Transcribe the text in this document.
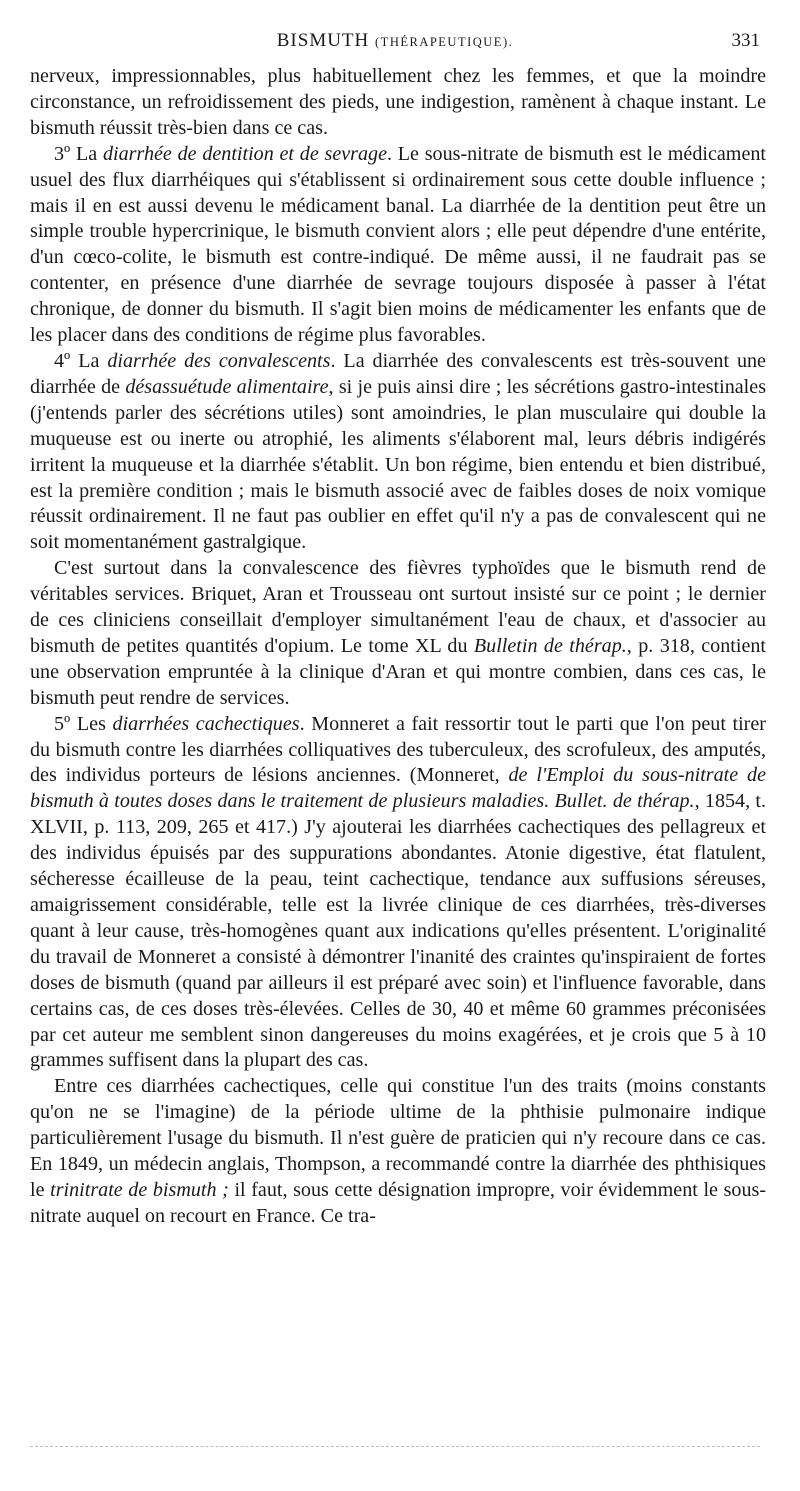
BISMUTH (THÉRAPEUTIQUE).	331

nerveux, impressionnables, plus habituellement chez les femmes, et que la moindre circonstance, un refroidissement des pieds, une indigestion, ramènent à chaque instant. Le bismuth réussit très-bien dans ce cas.

3º La diarrhée de dentition et de sevrage. Le sous-nitrate de bismuth est le médicament usuel des flux diarrhéiques qui s'établissent si ordinairement sous cette double influence ; mais il en est aussi devenu le médicament banal. La diarrhée de la dentition peut être un simple trouble hypercrinique, le bismuth convient alors ; elle peut dépendre d'une entérite, d'un cœco-colite, le bismuth est contre-indiqué. De même aussi, il ne faudrait pas se contenter, en présence d'une diarrhée de sevrage toujours disposée à passer à l'état chronique, de donner du bismuth. Il s'agit bien moins de médicamenter les enfants que de les placer dans des conditions de régime plus favorables.

4º La diarrhée des convalescents. La diarrhée des convalescents est très-souvent une diarrhée de désassuétude alimentaire, si je puis ainsi dire ; les sécrétions gastro-intestinales (j'entends parler des sécrétions utiles) sont amoindries, le plan musculaire qui double la muqueuse est ou inerte ou atrophié, les aliments s'élaborent mal, leurs débris indigérés irritent la muqueuse et la diarrhée s'établit. Un bon régime, bien entendu et bien distribué, est la première condition ; mais le bismuth associé avec de faibles doses de noix vomique réussit ordinairement. Il ne faut pas oublier en effet qu'il n'y a pas de convalescent qui ne soit momentanément gastralgique.

C'est surtout dans la convalescence des fièvres typhoïdes que le bismuth rend de véritables services. Briquet, Aran et Trousseau ont surtout insisté sur ce point ; le dernier de ces cliniciens conseillait d'employer simultanément l'eau de chaux, et d'associer au bismuth de petites quantités d'opium. Le tome XL du Bulletin de thérap., p. 318, contient une observation empruntée à la clinique d'Aran et qui montre combien, dans ces cas, le bismuth peut rendre de services.

5º Les diarrhées cachectiques. Monneret a fait ressortir tout le parti que l'on peut tirer du bismuth contre les diarrhées colliquatives des tuberculeux, des scrofuleux, des amputés, des individus porteurs de lésions anciennes. (Monneret, de l'Emploi du sous-nitrate de bismuth à toutes doses dans le traitement de plusieurs maladies. Bullet. de thérap., 1854, t. XLVII, p. 113, 209, 265 et 417.) J'y ajouterai les diarrhées cachectiques des pellagreux et des individus épuisés par des suppurations abondantes. Atonie digestive, état flatulent, sécheresse écailleuse de la peau, teint cachectique, tendance aux suffusions séreuses, amaigrissement considérable, telle est la livrée clinique de ces diarrhées, très-diverses quant à leur cause, très-homogènes quant aux indications qu'elles présentent. L'originalité du travail de Monneret a consisté à démontrer l'inanité des craintes qu'inspiraient de fortes doses de bismuth (quand par ailleurs il est préparé avec soin) et l'influence favorable, dans certains cas, de ces doses très-élevées. Celles de 30, 40 et même 60 grammes préconisées par cet auteur me semblent sinon dangereuses du moins exagérées, et je crois que 5 à 10 grammes suffisent dans la plupart des cas.

Entre ces diarrhées cachectiques, celle qui constitue l'un des traits (moins constants qu'on ne se l'imagine) de la période ultime de la phthisie pulmonaire indique particulièrement l'usage du bismuth. Il n'est guère de praticien qui n'y recoure dans ce cas. En 1849, un médecin anglais, Thompson, a recommandé contre la diarrhée des phthisiques le trinitrate de bismuth ; il faut, sous cette désignation impropre, voir évidemment le sous-nitrate auquel on recourt en France. Ce tra-
